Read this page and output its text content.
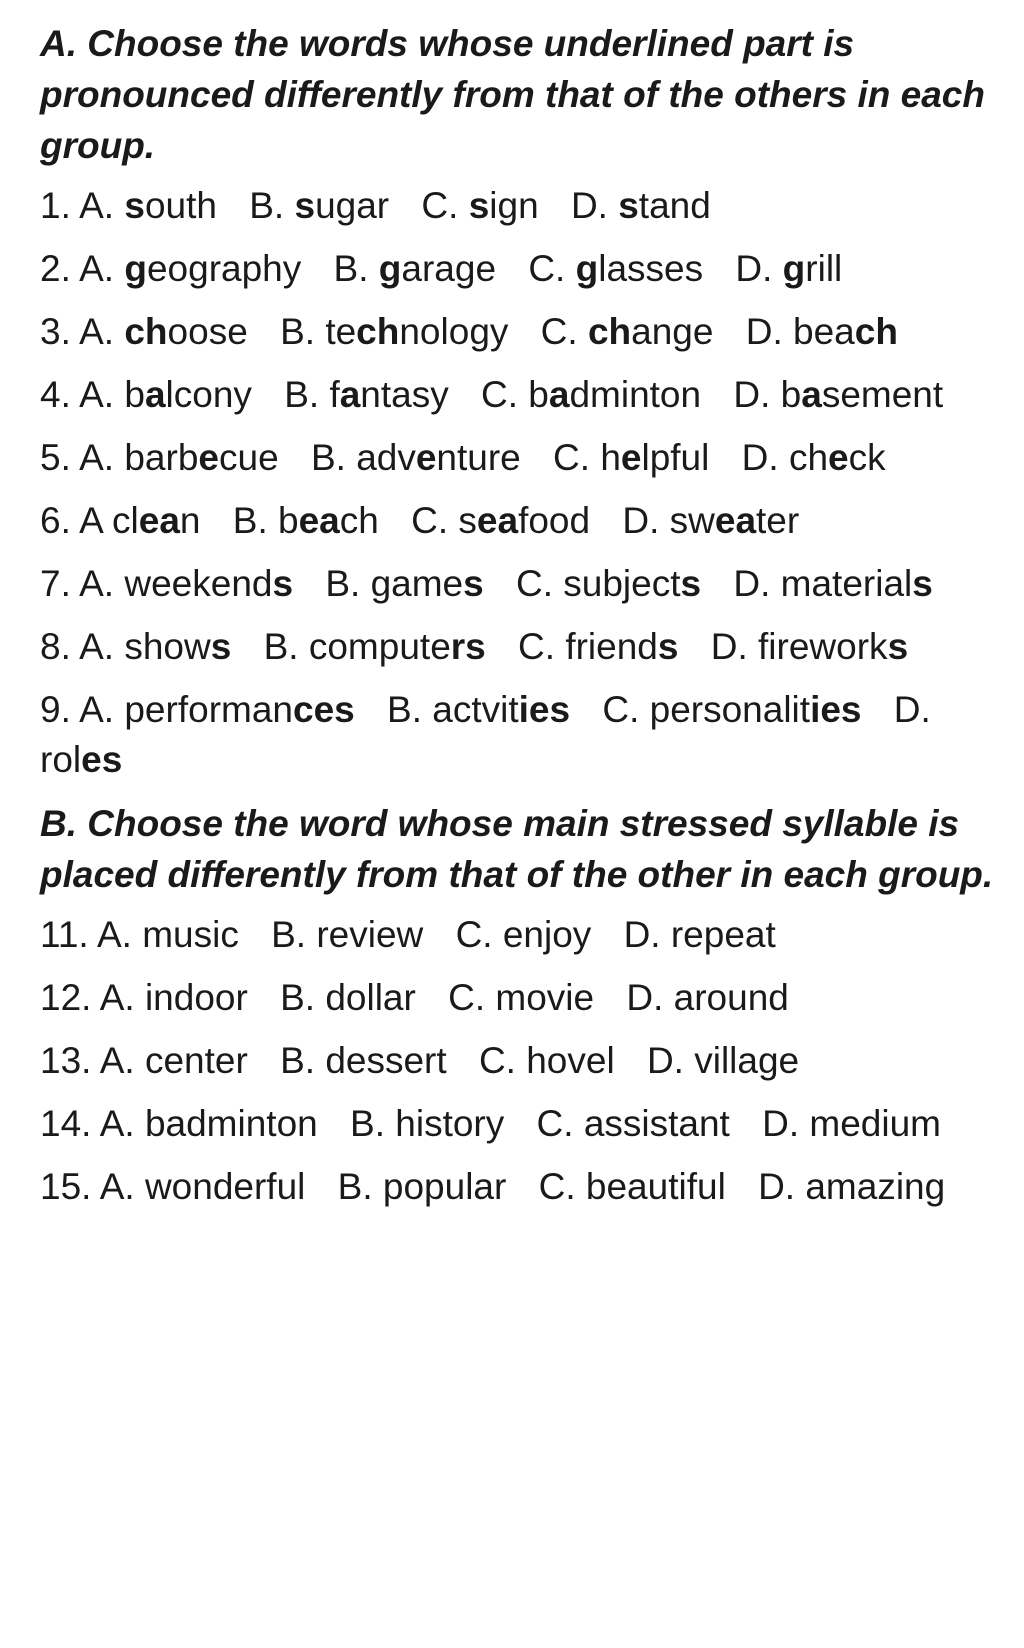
A. Choose the words whose underlined part is pronounced differently from that of the others in each group.
1. A. south B. sugar C. sign D. stand
2. A. geography B. garage C. glasses D. grill
3. A. choose B. technology C. change D. beach
4. A. balcony B. fantasy C. badminton D. basement
5. A. barbecue B. adventure C. helpful D. check
6. A clean B. beach C. seafood D. sweater
7. A. weekends B. games C. subjects D. materials
8. A. shows B. computers C. friends D. fireworks
9. A. performances B. actvities C. personalities D. roles
B. Choose the word whose main stressed syllable is placed differently from that of the other in each group.
11. A. music B. review C. enjoy D. repeat
12. A. indoor B. dollar C. movie D. around
13. A. center B. dessert C. hovel D. village
14. A. badminton B. history C. assistant D. medium
15. A. wonderful B. popular C. beautiful D. amazing
